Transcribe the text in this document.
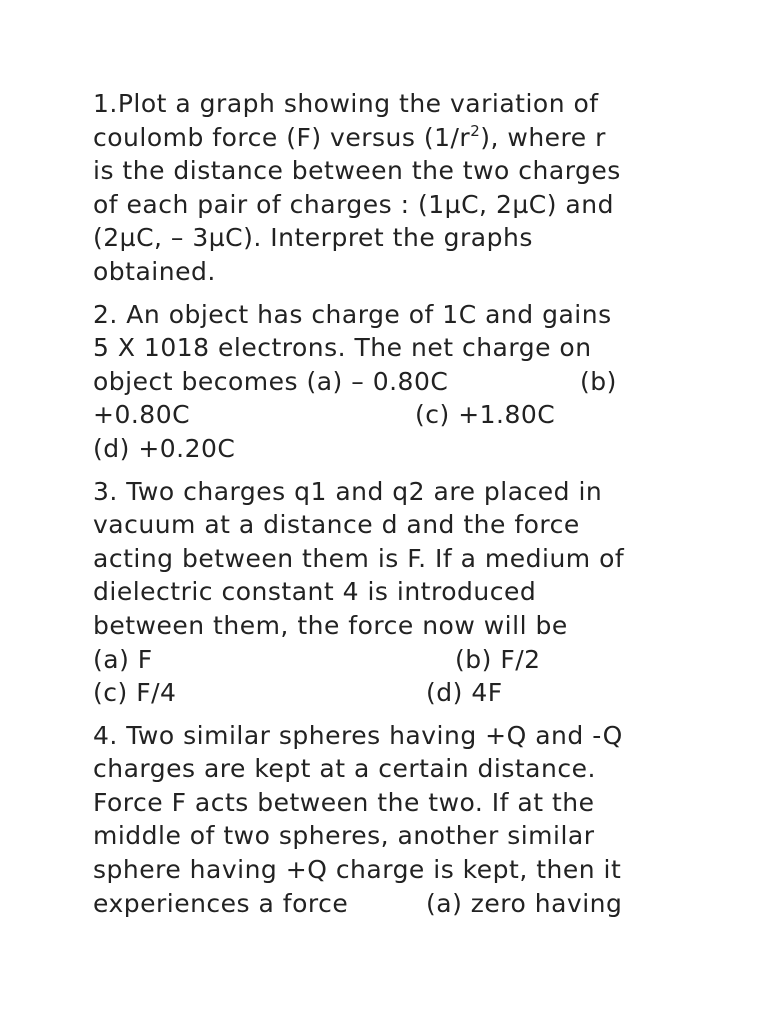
1.Plot a graph showing the variation of
coulomb force (F) versus $(1/r^2)$, where r
is the distance between the two charges
of each pair of charges : (1µC, 2µC) and
(2µC, – 3µC). Interpret the graphs
obtained.
2. An object has charge of 1C and gains
5 X 1018 electrons. The net charge on
object becomes (a) – 0.80C	(b)
+0.80C	(c) +1.80C
(d) +0.20C
3. Two charges q1 and q2 are placed in
vacuum at a distance d and the force
acting between them is F. If a medium of
dielectric constant 4 is introduced
between them, the force now will be
(a) F	(b) F/2
(c) F/4	(d) 4F
4. Two similar spheres having +Q and -Q
charges are kept at a certain distance.
Force F acts between the two. If at the
middle of two spheres, another similar
sphere having +Q charge is kept, then it
experiences a force	(a) zero having
